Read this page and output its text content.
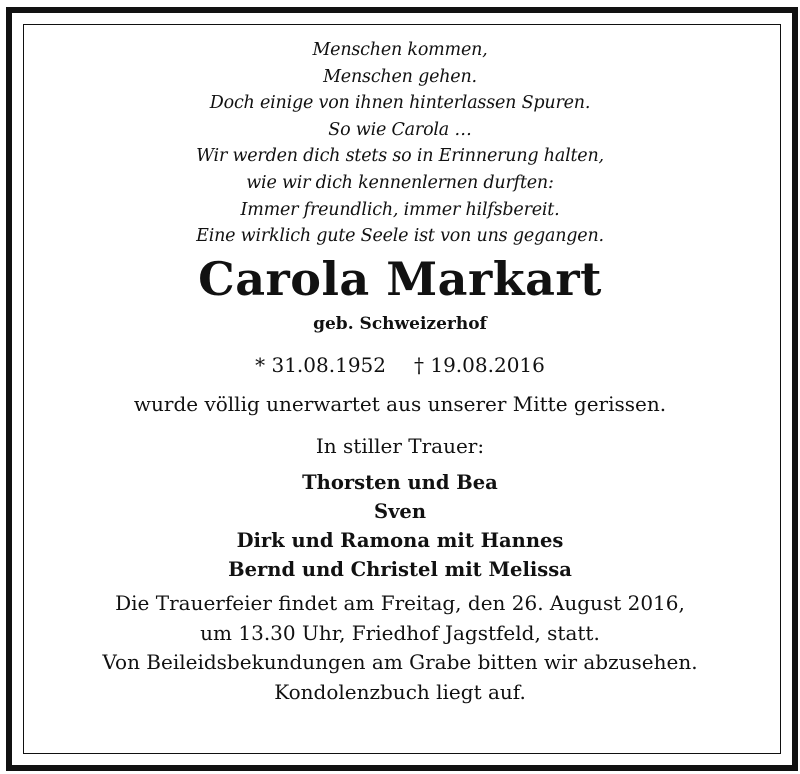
Menschen kommen,
Menschen gehen.
Doch einige von ihnen hinterlassen Spuren.
So wie Carola …
Wir werden dich stets so in Erinnerung halten,
wie wir dich kennenlernen durften:
Immer freundlich, immer hilfsbereit.
Eine wirklich gute Seele ist von uns gegangen.
Carola Markart
geb. Schweizerhof
* 31.08.1952 † 19.08.2016
wurde völlig unerwartet aus unserer Mitte gerissen.
In stiller Trauer:
Thorsten und Bea
Sven
Dirk und Ramona mit Hannes
Bernd und Christel mit Melissa
Die Trauerfeier findet am Freitag, den 26. August 2016,
um 13.30 Uhr, Friedhof Jagstfeld, statt.
Von Beileidsbekundungen am Grabe bitten wir abzusehen.
Kondolenzbuch liegt auf.
